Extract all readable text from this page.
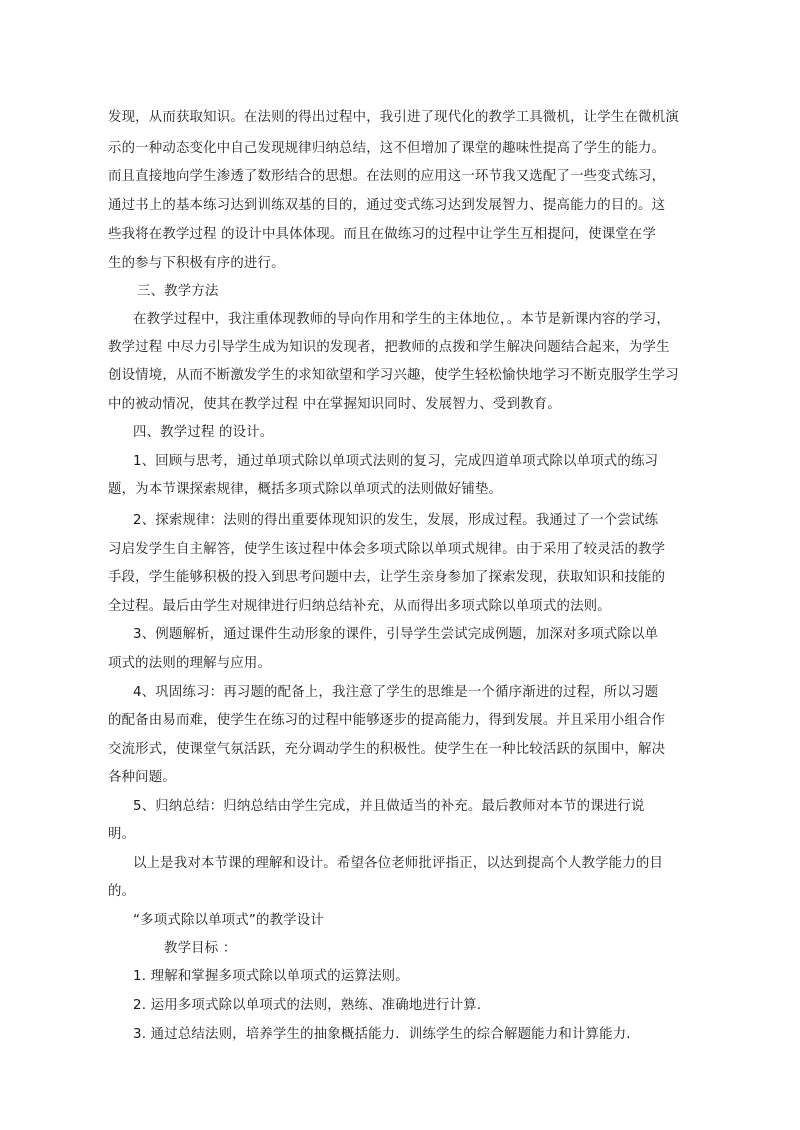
发现，从而获取知识。在法则的得出过程中，我引进了现代化的教学工具微机，让学生在微机演
示的一种动态变化中自己发现规律归纳总结，这不但增加了课堂的趣味性提高了学生的能力。
而且直接地向学生渗透了数形结合的思想。在法则的应用这一环节我又选配了一些变式练习，
通过书上的基本练习达到训练双基的目的，通过变式练习达到发展智力、提高能力的目的。这
些我将在教学过程 的设计中具体体现。而且在做练习的过程中让学生互相提问，使课堂在学
生的参与下积极有序的进行。
三、教学方法
在教学过程中，我注重体现教师的导向作用和学生的主体地位，。本节是新课内容的学习，
教学过程 中尽力引导学生成为知识的发现者，把教师的点拨和学生解决问题结合起来，为学生
创设情境，从而不断激发学生的求知欲望和学习兴趣，使学生轻松愉快地学习不断克服学生学习
中的被动情况，使其在教学过程 中在掌握知识同时、发展智力、受到教育。
四、教学过程 的设计。
1、回顾与思考，通过单项式除以单项式法则的复习，完成四道单项式除以单项式的练习
题，为本节课探索规律，概括多项式除以单项式的法则做好铺垫。
2、探索规律：法则的得出重要体现知识的发生，发展，形成过程。我通过了一个尝试练
习启发学生自主解答，使学生该过程中体会多项式除以单项式规律。由于采用了较灵活的教学
手段，学生能够积极的投入到思考问题中去，让学生亲身参加了探索发现，获取知识和技能的
全过程。最后由学生对规律进行归纳总结补充，从而得出多项式除以单项式的法则。
3、例题解析，通过课件生动形象的课件，引导学生尝试完成例题，加深对多项式除以单
项式的法则的理解与应用。
4、巩固练习：再习题的配备上，我注意了学生的思维是一个循序渐进的过程，所以习题
的配备由易而难，使学生在练习的过程中能够逐步的提高能力，得到发展。并且采用小组合作
交流形式，使课堂气氛活跃，充分调动学生的积极性。使学生在一种比较活跃的氛围中，解决
各种问题。
5、归纳总结：归纳总结由学生完成，并且做适当的补充。最后教师对本节的课进行说
明。
以上是我对本节课的理解和设计。希望各位老师批评指正，以达到提高个人教学能力的目
的。
“多项式除以单项式”的教学设计
教学目标 ：
1. 理解和掌握多项式除以单项式的运算法则。
2. 运用多项式除以单项式的法则，熟练、准确地进行计算.
3. 通过总结法则，培养学生的抽象概括能力．训练学生的综合解题能力和计算能力.
